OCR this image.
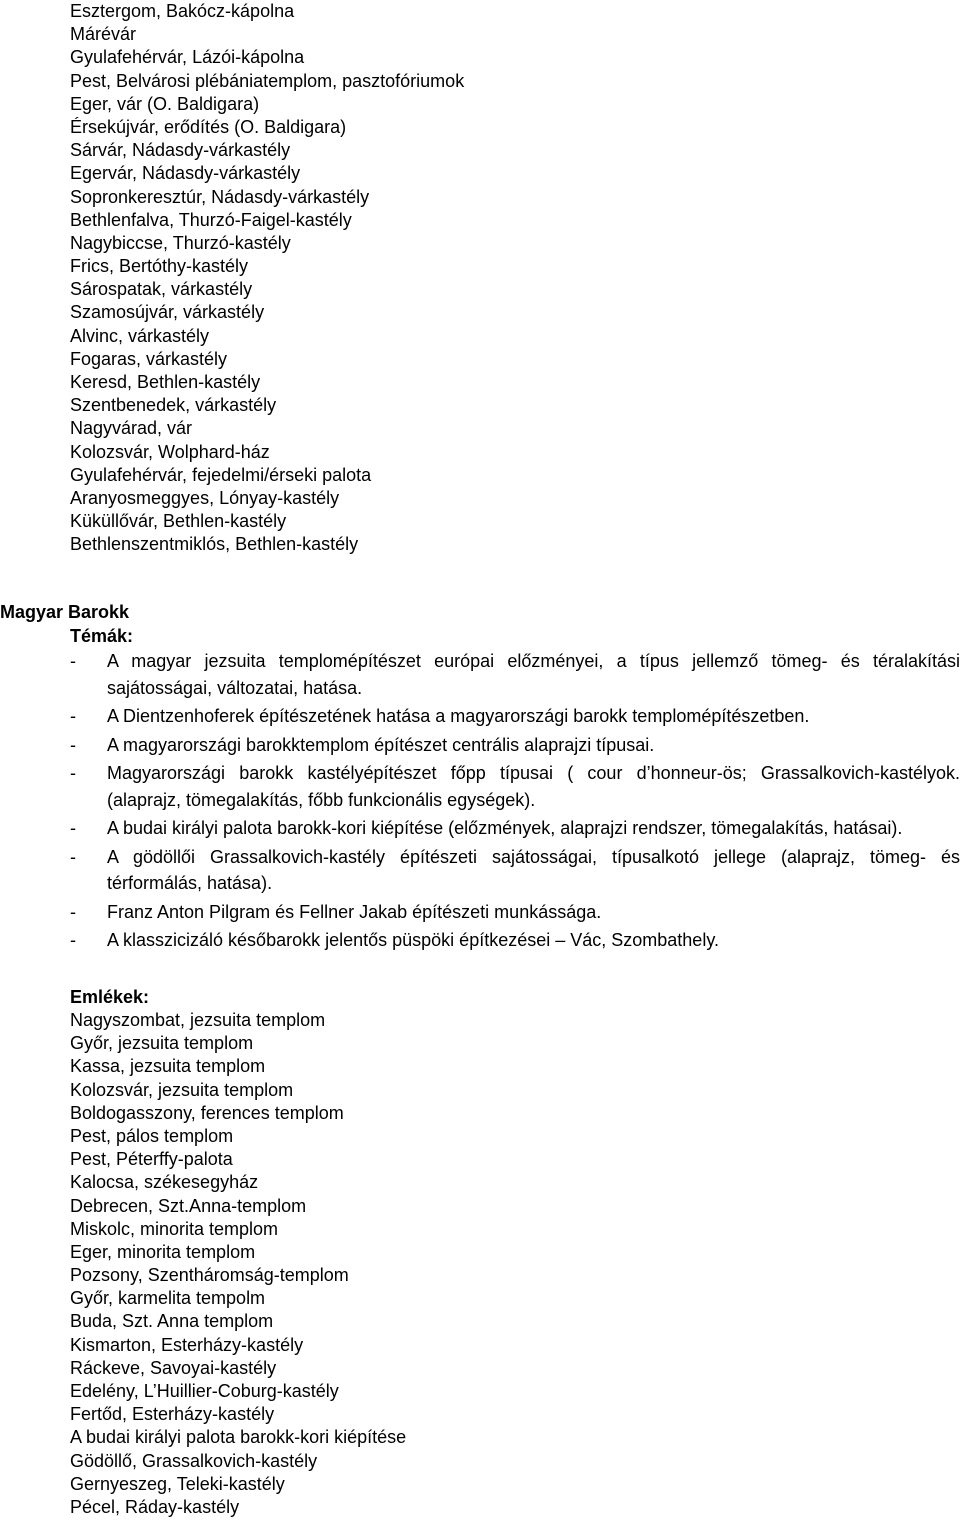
Esztergom, Bakócz-kápolna
Márévár
Gyulafehérvár, Lázói-kápolna
Pest, Belvárosi plébániatemplom, pasztofóriumok
Eger, vár (O. Baldigara)
Érsekújvár, erődítés (O. Baldigara)
Sárvár, Nádasdy-várkastély
Egervár, Nádasdy-várkastély
Sopronkeresztúr, Nádasdy-várkastély
Bethlenfalva, Thurzó-Faigel-kastély
Nagybiccse, Thurzó-kastély
Frics, Bertóthy-kastély
Sárospatak, várkastély
Szamosújvár, várkastély
Alvinc, várkastély
Fogaras, várkastély
Keresd, Bethlen-kastély
Szentbenedek, várkastély
Nagyvárad, vár
Kolozsvár, Wolphard-ház
Gyulafehérvár, fejedelmi/érseki palota
Aranyosmeggyes, Lónyay-kastély
Küküllővár, Bethlen-kastély
Bethlenszentmiklós, Bethlen-kastély
Magyar Barokk
Témák:
- A magyar jezsuita templomépítészet európai előzményei, a típus jellemző tömeg- és téralakítási sajátosságai, változatai, hatása.
- A Dientzenhoferek építészetének hatása a magyarországi barokk templomépítészetben.
- A magyarországi barokktemplom építészet centrális alaprajzi típusai.
- Magyarországi barokk kastélyépítészet főpp típusai ( cour d’honneur-ös; Grassalkovich-kastélyok. (alaprajz, tömegalakítás, főbb funkcionális egységek).
- A budai királyi palota barokk-kori kiépítése (előzmények, alaprajzi rendszer, tömegalakítás, hatásai).
- A gödöllői Grassalkovich-kastély építészeti sajátosságai, típusalkotó jellege (alaprajz, tömeg- és térformálás, hatása).
- Franz Anton Pilgram és Fellner Jakab építészeti munkássága.
- A klasszicizáló későbarokk jelentős püspöki építkezései – Vác, Szombathely.
Emlékek:
Nagyszombat, jezsuita templom
Győr, jezsuita templom
Kassa, jezsuita templom
Kolozsvár, jezsuita templom
Boldogasszony, ferences templom
Pest, pálos templom
Pest, Péterffy-palota
Kalocsa, székesegyház
Debrecen, Szt.Anna-templom
Miskolc, minorita templom
Eger, minorita templom
Pozsony, Szentháromság-templom
Győr, karmelita tempolm
Buda, Szt. Anna templom
Kismarton, Esterházy-kastély
Ráckeve, Savoyai-kastély
Edelény, L’Huillier-Coburg-kastély
Fertőd, Esterházy-kastély
A budai királyi palota barokk-kori kiépítése
Gödöllő, Grassalkovich-kastély
Gernyeszeg, Teleki-kastély
Pécel, Ráday-kastély
